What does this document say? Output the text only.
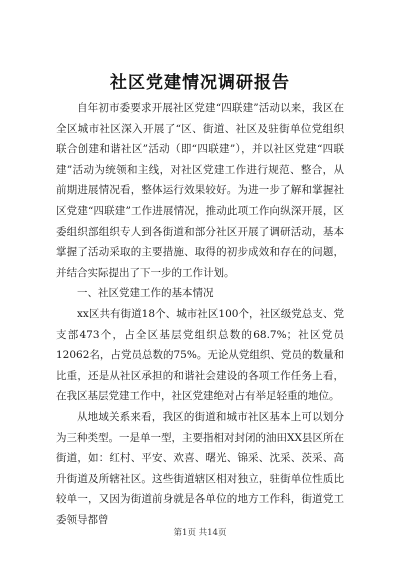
社区党建情况调研报告

自年初市委要求开展社区党建“四联建”活动以来，我区在全区城市社区深入开展了“区、街道、社区及驻街单位党组织联合创建和谐社区”活动（即“四联建”），并以社区党建“四联建”活动为统领和主线，对社区党建工作进行规范、整合，从前期进展情况看，整体运行效果较好。为进一步了解和掌握社区党建“四联建”工作进展情况，推动此项工作向纵深开展，区委组织部组织专人到各街道和部分社区开展了调研活动，基本掌握了活动采取的主要措施、取得的初步成效和存在的问题，并结合实际提出了下一步的工作计划。

一、社区党建工作的基本情况

xx区共有街道18个、城市社区100个，社区级党总支、党支部473个，占全区基层党组织总数的68.7%；社区党员12062名，占党员总数的75%。无论从党组织、党员的数量和比重，还是从社区承担的和谐社会建设的各项工作任务上看，在我区基层党建工作中，社区党建绝对占有举足轻重的地位。

从地域关系来看，我区的街道和城市社区基本上可以划分为三种类型。一是单一型，主要指相对封闭的油田XX县区所在街道，如：红村、平安、欢喜、曙光、锦采、沈采、茨采、高升街道及所辖社区。这些街道辖区相对独立，驻街单位性质比较单一，又因为街道前身就是各单位的地方工作科，街道党工委领导都曾

第1页 共14页
